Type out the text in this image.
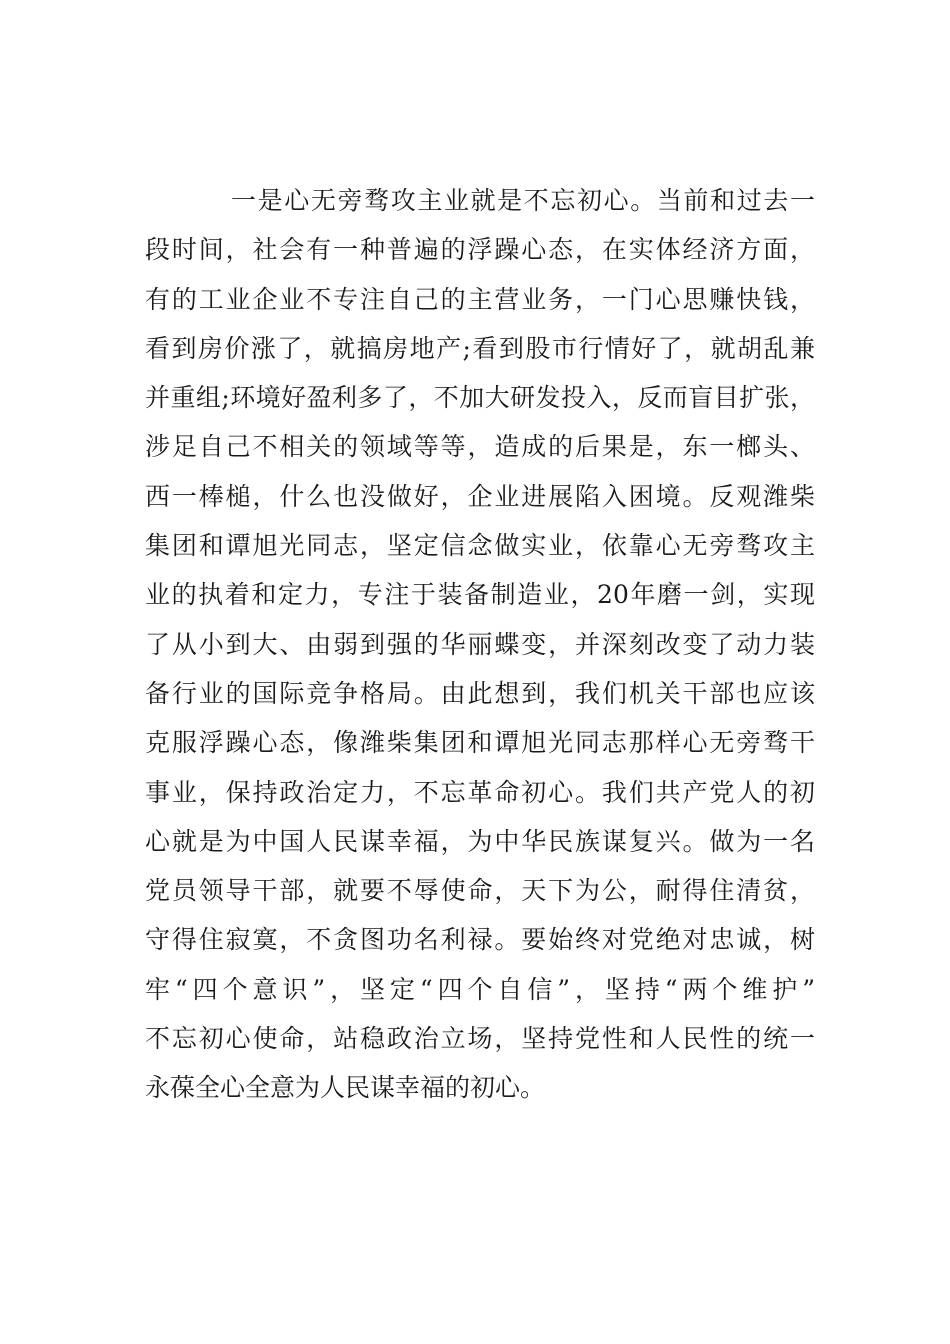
一是心无旁骛攻主业就是不忘初心。当前和过去一
段时间，社会有一种普遍的浮躁心态，在实体经济方面，
有的工业企业不专注自己的主营业务，一门心思赚快钱，
看到房价涨了，就搞房地产;看到股市行情好了，就胡乱兼
并重组;环境好盈利多了，不加大研发投入，反而盲目扩张，
涉足自己不相关的领域等等，造成的后果是，东一榔头、
西一棒槌，什么也没做好，企业进展陷入困境。反观潍柴
集团和谭旭光同志，坚定信念做实业，依靠心无旁骛攻主
业的执着和定力，专注于装备制造业，20年磨一剑，实现
了从小到大、由弱到强的华丽蝶变，并深刻改变了动力装
备行业的国际竞争格局。由此想到，我们机关干部也应该
克服浮躁心态，像潍柴集团和谭旭光同志那样心无旁骛干
事业，保持政治定力，不忘革命初心。我们共产党人的初
心就是为中国人民谋幸福，为中华民族谋复兴。做为一名
党员领导干部，就要不辱使命，天下为公，耐得住清贫，
守得住寂寞，不贪图功名利禄。要始终对党绝对忠诚，树
牢“四个意识”，坚定“四个自信”，坚持“两个维护”
不忘初心使命，站稳政治立场，坚持党性和人民性的统一
永葆全心全意为人民谋幸福的初心。
